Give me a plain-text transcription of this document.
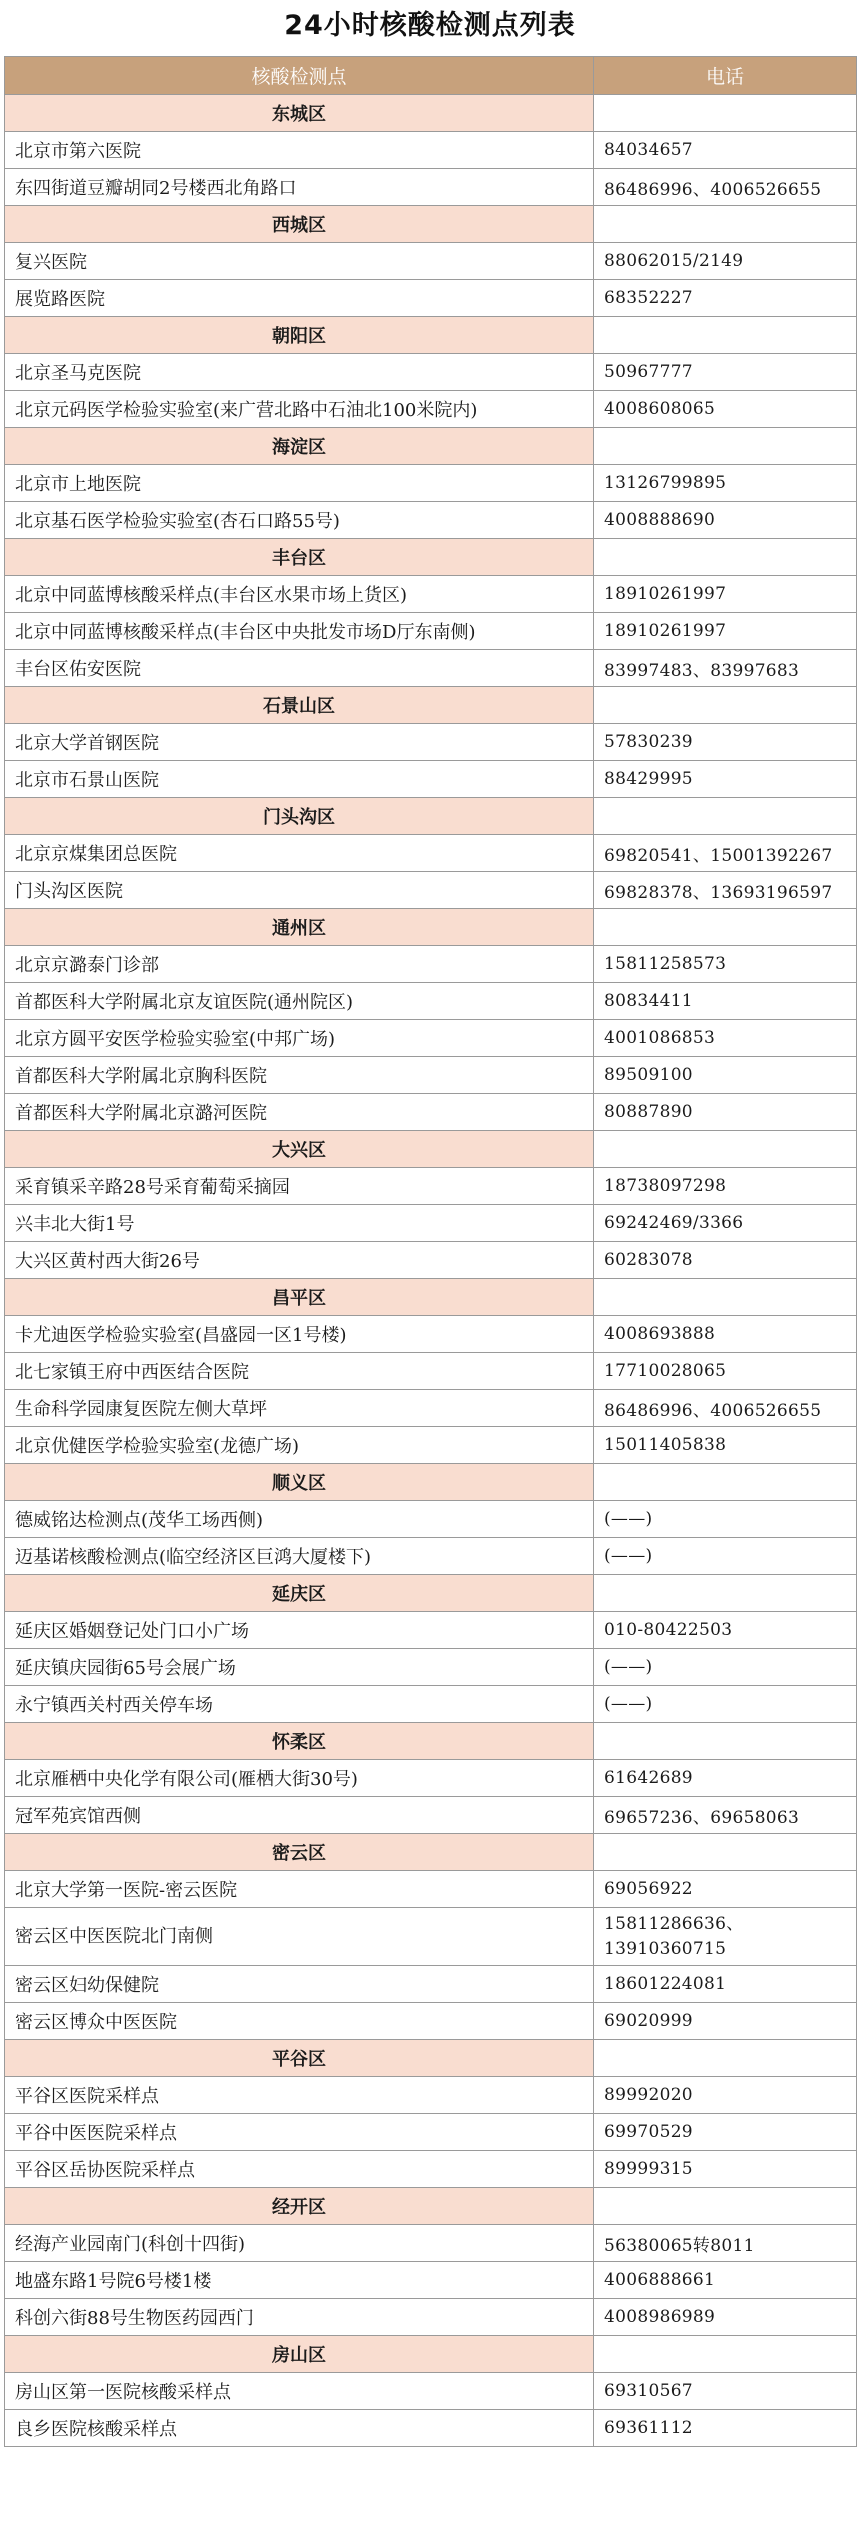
24小时核酸检测点列表
核酸检测点	电话
东城区	
北京市第六医院	84034657
东四街道豆瓣胡同2号楼西北角路口	86486996、4006526655
西城区	
复兴医院	88062015/2149
展览路医院	68352227
朝阳区	
北京圣马克医院	50967777
北京元码医学检验实验室(来广营北路中石油北100米院内)	4008608065
海淀区	
北京市上地医院	13126799895
北京基石医学检验实验室(杏石口路55号)	4008888690
丰台区	
北京中同蓝博核酸采样点(丰台区水果市场上货区)	18910261997
北京中同蓝博核酸采样点(丰台区中央批发市场D厅东南侧)	18910261997
丰台区佑安医院	83997483、83997683
石景山区	
北京大学首钢医院	57830239
北京市石景山医院	88429995
门头沟区	
北京京煤集团总医院	69820541、15001392267
门头沟区医院	69828378、13693196597
通州区	
北京京潞泰门诊部	15811258573
首都医科大学附属北京友谊医院(通州院区)	80834411
北京方圆平安医学检验实验室(中邦广场)	4001086853
首都医科大学附属北京胸科医院	89509100
首都医科大学附属北京潞河医院	80887890
大兴区	
采育镇采辛路28号采育葡萄采摘园	18738097298
兴丰北大街1号	69242469/3366
大兴区黄村西大街26号	60283078
昌平区	
卡尤迪医学检验实验室(昌盛园一区1号楼)	4008693888
北七家镇王府中西医结合医院	17710028065
生命科学园康复医院左侧大草坪	86486996、4006526655
北京优健医学检验实验室(龙德广场)	15011405838
顺义区	
德威铭达检测点(茂华工场西侧)	(——)
迈基诺核酸检测点(临空经济区巨鸿大厦楼下)	(——)
延庆区	
延庆区婚姻登记处门口小广场	010-80422503
延庆镇庆园街65号会展广场	(——)
永宁镇西关村西关停车场	(——)
怀柔区	
北京雁栖中央化学有限公司(雁栖大街30号)	61642689
冠军苑宾馆西侧	69657236、69658063
密云区	
北京大学第一医院-密云医院	69056922
密云区中医医院北门南侧	15811286636、13910360715
密云区妇幼保健院	18601224081
密云区博众中医医院	69020999
平谷区	
平谷区医院采样点	89992020
平谷中医医院采样点	69970529
平谷区岳协医院采样点	89999315
经开区	
经海产业园南门(科创十四街)	56380065转8011
地盛东路1号院6号楼1楼	4006888661
科创六街88号生物医药园西门	4008986989
房山区	
房山区第一医院核酸采样点	69310567
良乡医院核酸采样点	69361112
